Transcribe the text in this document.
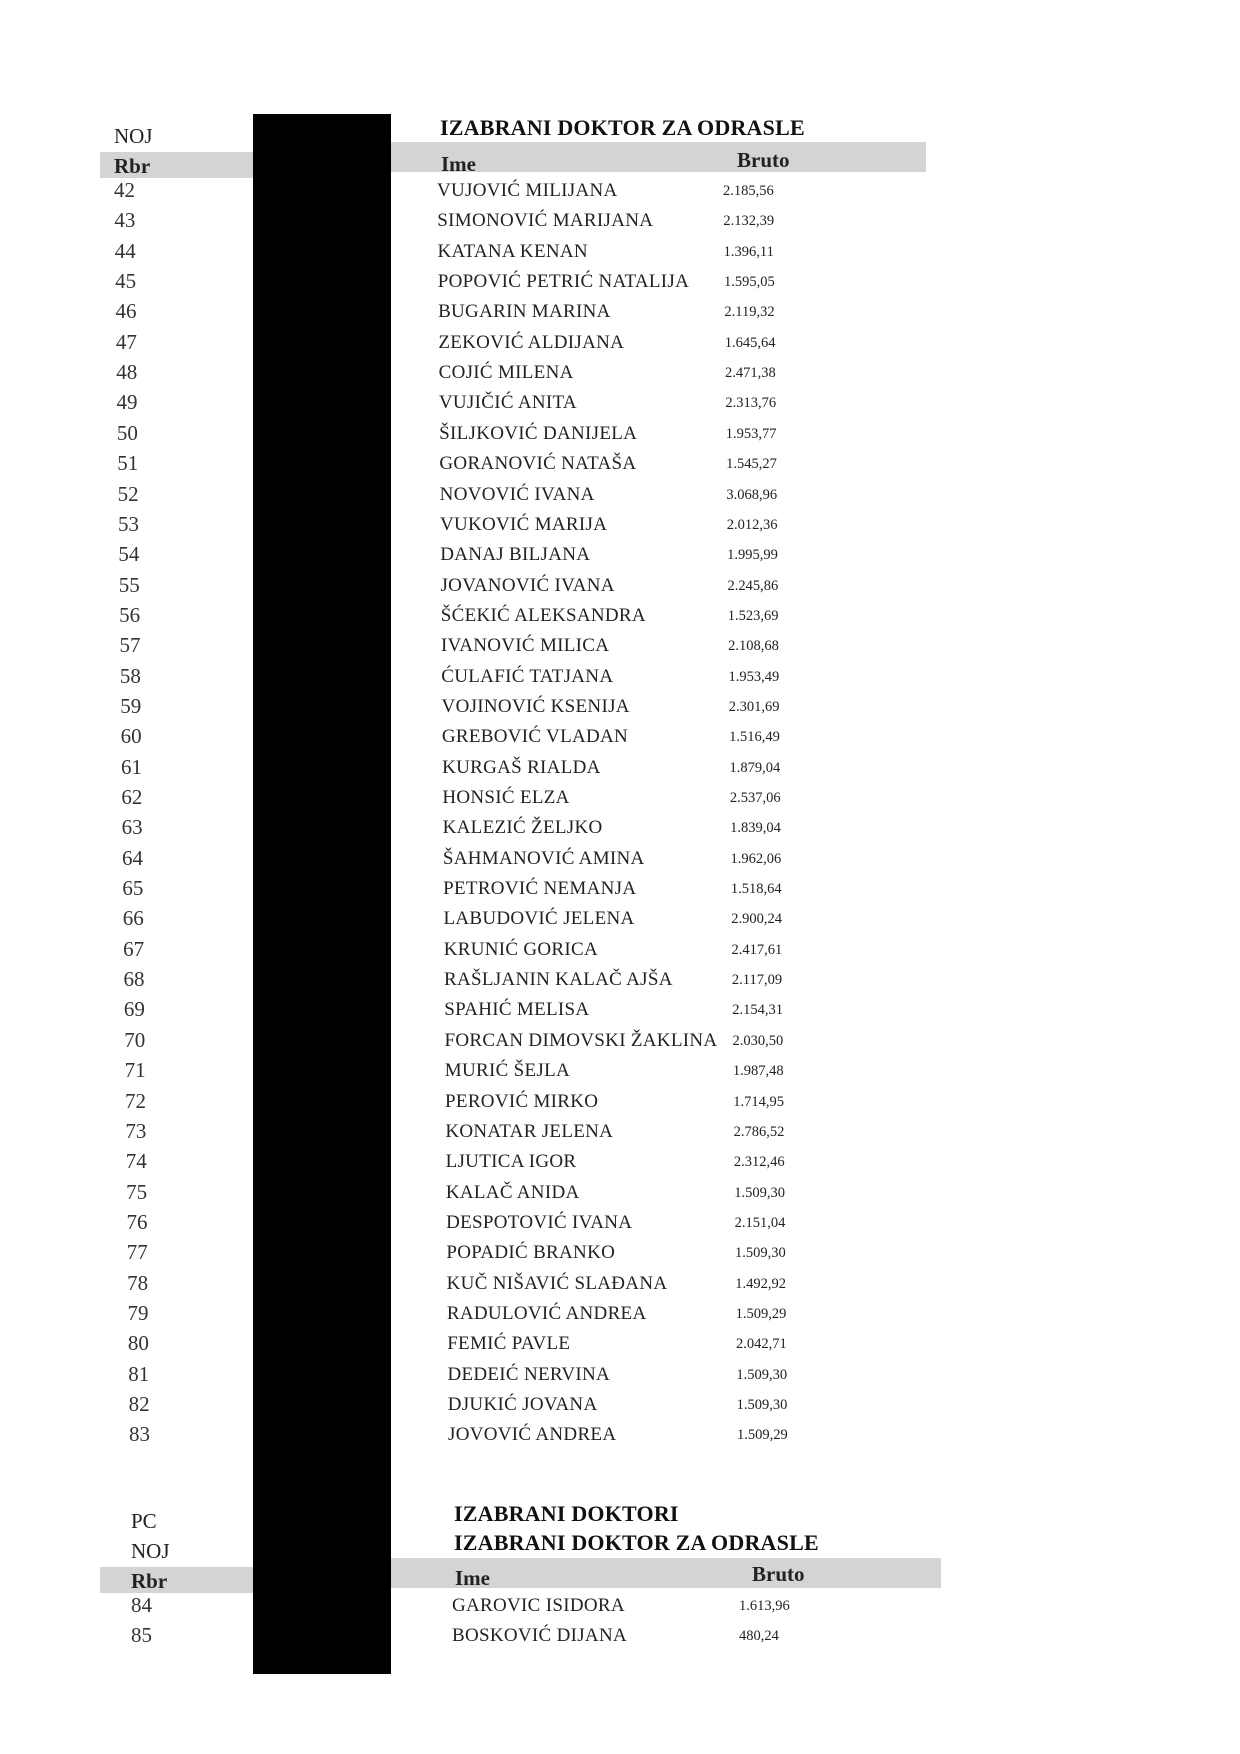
NOJ	IZABRANI DOKTOR ZA ODRASLE
Rbr	Ime	Bruto
42	VUJOVIĆ MILIJANA	2.185,56
43	SIMONOVIĆ MARIJANA	2.132,39
44	KATANA KENAN	1.396,11
45	POPOVIĆ PETRIĆ NATALIJA 1.595,05
46	BUGARIN MARINA	2.119,32
47	ZEKOVIĆ ALDIJANA	1.645,64
48	COJIĆ MILENA	2.471,38
49	VUJIČIĆ ANITA	2.313,76
50	ŠILJKOVIĆ DANIJELA	1.953,77
51	GORANOVIĆ NATAŠA	1.545,27
52	NOVOVIĆ IVANA	3.068,96
53	VUKOVIĆ MARIJA	2.012,36
54	DANAJ BILJANA	1.995,99
55	JOVANOVIĆ IVANA	2.245,86
56	ŠĆEKIĆ ALEKSANDRA	1.523,69
57	IVANOVIĆ MILICA	2.108,68
58	ĆULAFIĆ TATJANA	1.953,49
59	VOJINOVIĆ KSENIJA	2.301,69
60	GREBOVIĆ VLADAN	1.516,49
61	KURGAŠ RIALDA	1.879,04
62	HONSIĆ ELZA	2.537,06
63	KALEZIĆ ŽELJKO	1.839,04
64	ŠAHMANOVIĆ AMINA	1.962,06
65	PETROVIĆ NEMANJA	1.518,64
66	LABUDOVIĆ JELENA	2.900,24
67	KRUNIĆ GORICA	2.417,61
68	RAŠLJANIN KALAČ AJŠA	2.117,09
69	SPAHIĆ MELISA	2.154,31
70	FORCAN DIMOVSKI ŽAKLINA 2.030,50
71	MURIĆ ŠEJLA	1.987,48
72	PEROVIĆ MIRKO	1.714,95
73	KONATAR JELENA	2.786,52
74	LJUTICA IGOR	2.312,46
75	KALAČ ANIDA	1.509,30
76	DESPOTOVIĆ IVANA	2.151,04
77	POPADIĆ BRANKO	1.509,30
78	KUČ NIŠAVIĆ SLAĐANA	1.492,92
79	RADULOVIĆ ANDREA	1.509,29
80	FEMIĆ PAVLE	2.042,71
81	DEDEIĆ NERVINA	1.509,30
82	DJUKIĆ JOVANA	1.509,30
83	JOVOVIĆ ANDREA	1.509,29
PC
NOJ
IZABRANI DOKTORI
IZABRANI DOKTOR ZA ODRASLE
Rbr	Ime	Bruto
84	GAROVIC ISIDORA	1.613,96
85	BOSKOVIĆ DIJANA	480,24
